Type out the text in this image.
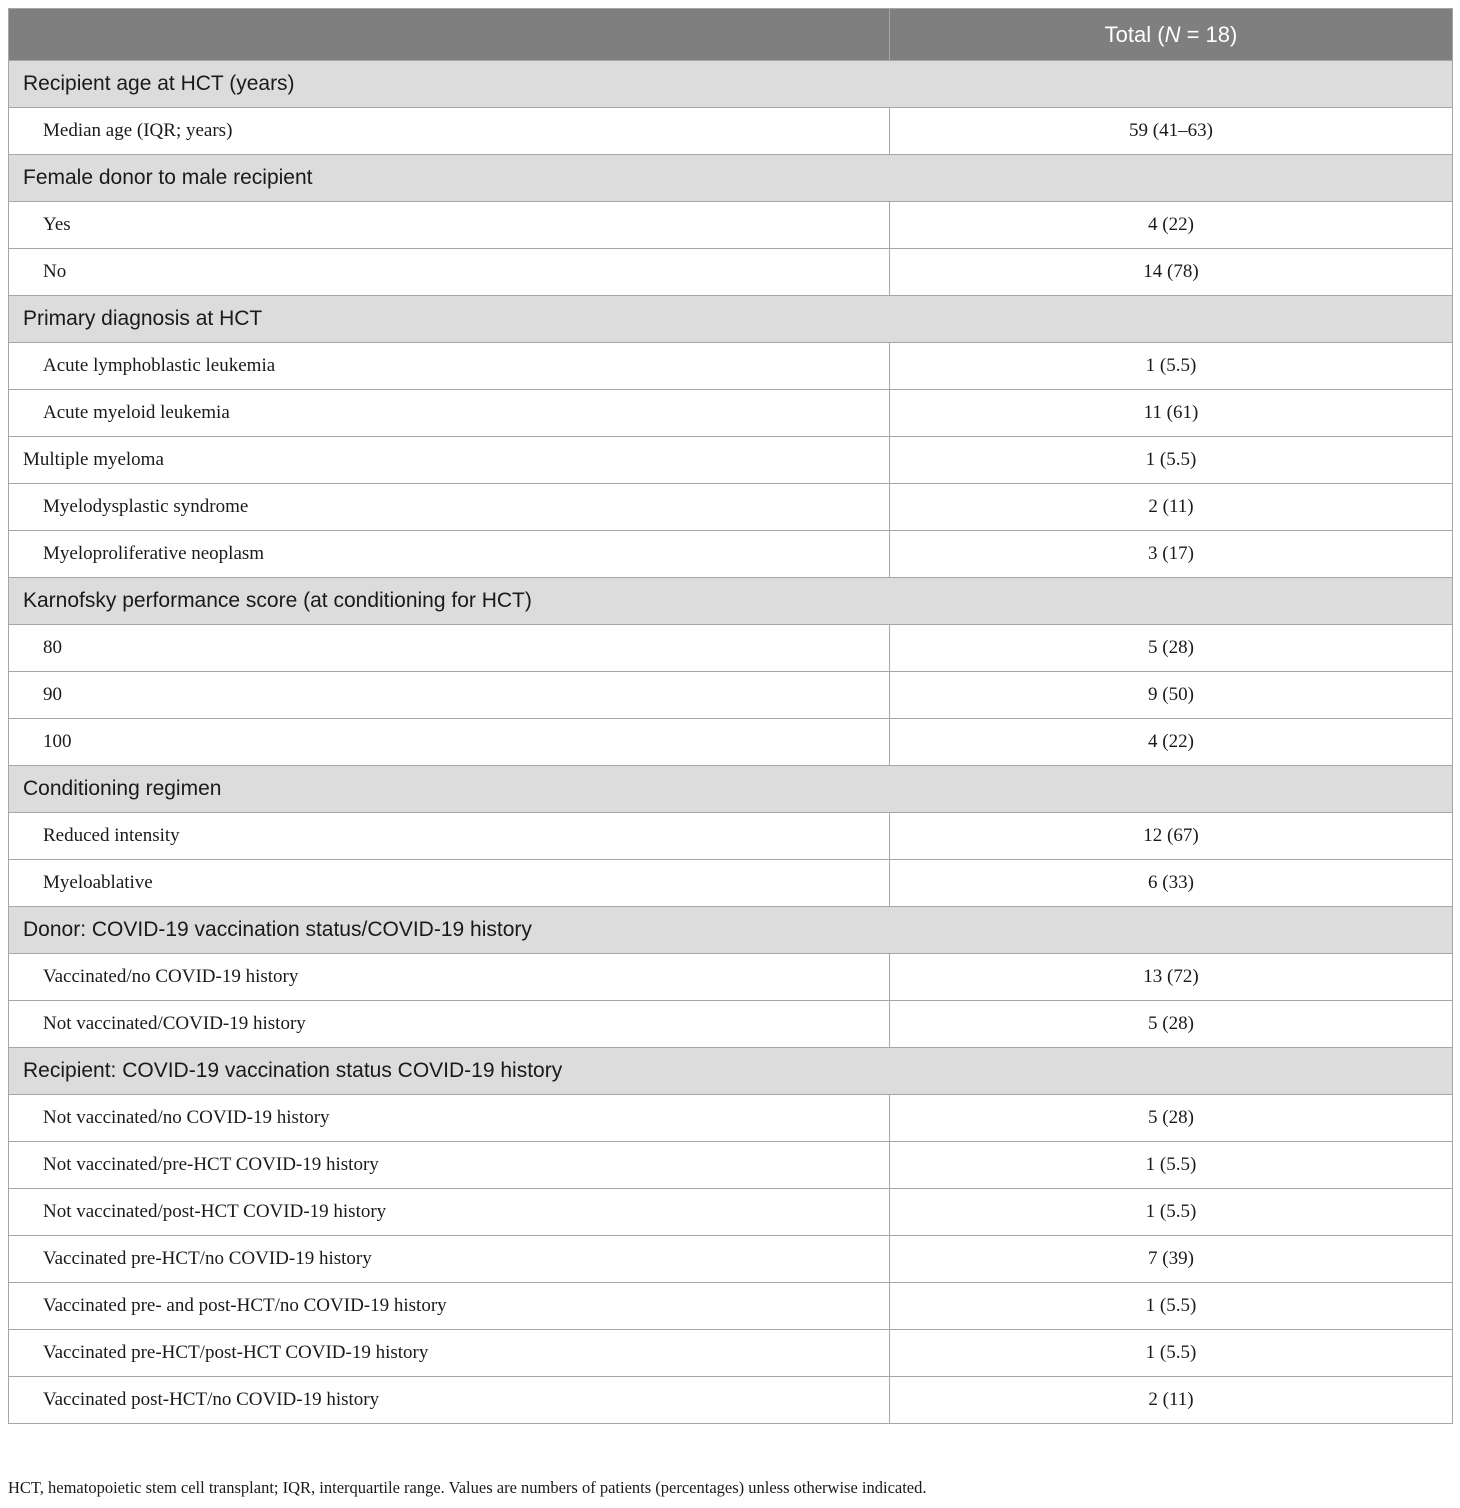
	Total (N = 18)
Recipient age at HCT (years)	
Median age (IQR; years)	59 (41–63)
Female donor to male recipient	
Yes	4 (22)
No	14 (78)
Primary diagnosis at HCT	
Acute lymphoblastic leukemia	1 (5.5)
Acute myeloid leukemia	11 (61)
Multiple myeloma	1 (5.5)
Myelodysplastic syndrome	2 (11)
Myeloproliferative neoplasm	3 (17)
Karnofsky performance score (at conditioning for HCT)	
80	5 (28)
90	9 (50)
100	4 (22)
Conditioning regimen	
Reduced intensity	12 (67)
Myeloablative	6 (33)
Donor: COVID-19 vaccination status/COVID-19 history	
Vaccinated/no COVID-19 history	13 (72)
Not vaccinated/COVID-19 history	5 (28)
Recipient: COVID-19 vaccination status COVID-19 history	
Not vaccinated/no COVID-19 history	5 (28)
Not vaccinated/pre-HCT COVID-19 history	1 (5.5)
Not vaccinated/post-HCT COVID-19 history	1 (5.5)
Vaccinated pre-HCT/no COVID-19 history	7 (39)
Vaccinated pre- and post-HCT/no COVID-19 history	1 (5.5)
Vaccinated pre-HCT/post-HCT COVID-19 history	1 (5.5)
Vaccinated post-HCT/no COVID-19 history	2 (11)
HCT, hematopoietic stem cell transplant; IQR, interquartile range. Values are numbers of patients (percentages) unless otherwise indicated.
